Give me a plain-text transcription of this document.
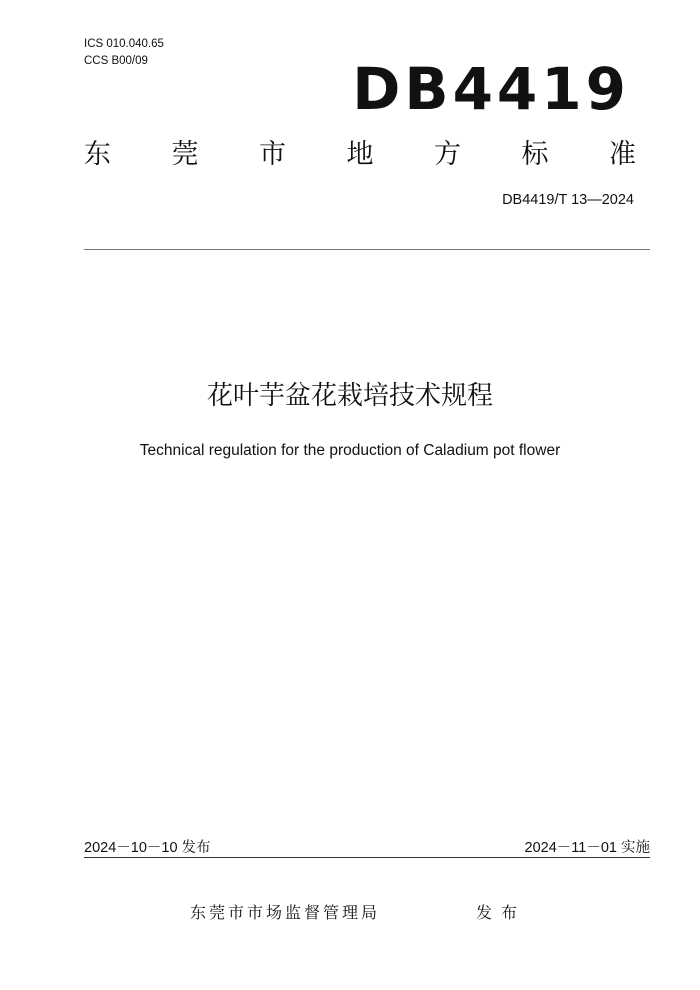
ICS 010.040.65
CCS B00/09	DB4419
东 莞 市 地 方 标 准
DB4419/T 13—2024
花叶芋盆花栽培技术规程
Technical regulation for the production of Caladium pot flower
2024－10－10 发布	2024－11－01 实施
东莞市市场监督管理局	发布
